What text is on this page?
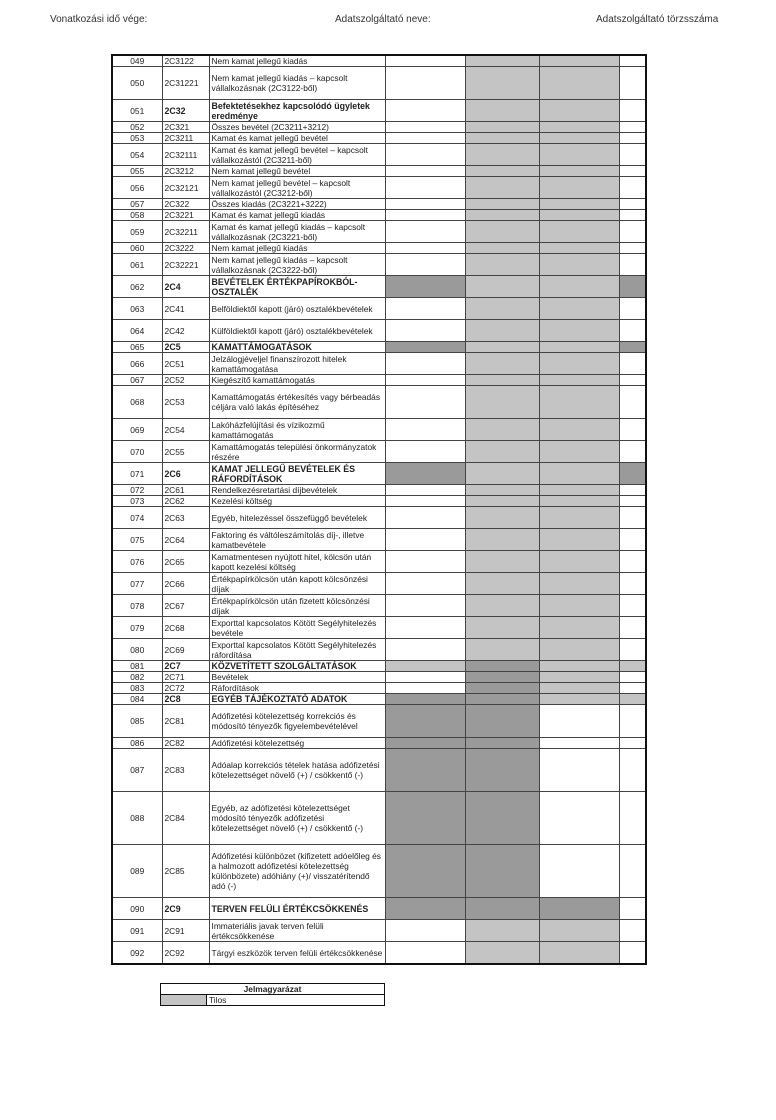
Vonatkozási idő vége:	Adatszolgáltató neve:	Adatszolgáltató törzsszáma
049	2C3122	Nem kamat jellegű kiadás				
050	2C31221	Nem kamat jellegű kiadás – kapcsolt vállalkozásnak (2C3122-ből)				
051	2C32	Befektetésekhez kapcsolódó ügyletek eredménye				
052	2C321	Összes bevétel (2C3211+3212)				
053	2C3211	Kamat és kamat jellegű bevétel				
054	2C32111	Kamat és kamat jellegű bevétel – kapcsolt vállalkozástól (2C3211-ből)				
055	2C3212	Nem kamat jellegű bevétel				
056	2C32121	Nem kamat jellegű bevétel – kapcsolt vállalkozástól (2C3212-ből)				
057	2C322	Összes kiadás (2C3221+3222)				
058	2C3221	Kamat és kamat jellegű kiadás				
059	2C32211	Kamat és kamat jellegű kiadás – kapcsolt vállalkozásnak (2C3221-ből)				
060	2C3222	Nem kamat jellegű kiadás				
061	2C32221	Nem kamat jellegű kiadás – kapcsolt vállalkozásnak (2C3222-ből)				
062	2C4	BEVÉTELEK ÉRTÉKPAPÍROKBÓL-OSZTALÉK				
063	2C41	Belföldiektől kapott (járó) osztalékbevételek				
064	2C42	Külföldiektől kapott (járó) osztalékbevételek				
065	2C5	KAMATTÁMOGATÁSOK				
066	2C51	Jelzálogjéveljel finanszírozott hitelek kamattámogatása				
067	2C52	Kiegészítő kamattámogatás				
068	2C53	Kamattámogatás értékesítés vagy bérbeadás céljára való lakás építéséhez				
069	2C54	Lakóházfelújítási és vízikozmű kamattámogatás				
070	2C55	Kamattámogatás települési önkormányzatok részére				
071	2C6	KAMAT JELLEGŰ BEVÉTELEK ÉS RÁFORDÍTÁSOK				
072	2C61	Rendelkezésretartási díjbevételek				
073	2C62	Kezelési költség				
074	2C63	Egyéb, hitelezéssel összefüggő bevételek				
075	2C64	Faktoring és váltóleszámítolás díj-, illetve kamatbevétele				
076	2C65	Kamatmentesen nyújtott hitel, kölcsön után kapott kezelési költség				
077	2C66	Értékpapírkölcsön után kapott kölcsönzési díjak				
078	2C67	Értékpapírkölcsön után fizetett kölcsönzési díjak				
079	2C68	Exporttal kapcsolatos Kötött Segélyhitelezés bevétele				
080	2C69	Exporttal kapcsolatos Kötött Segélyhitelezés ráfordítása				
081	2C7	KÖZVETÍTETT SZOLGÁLTATÁSOK				
082	2C71	Bevételek				
083	2C72	Ráfordítások				
084	2C8	EGYÉB TÁJÉKOZTATÓ ADATOK				
085	2C81	Adófizetési kötelezettség korrekciós és módosító tényezők figyelembevételével				
086	2C82	Adófizetési kötelezettség				
087	2C83	Adóalap korrekciós tételek hatása adófizetési kötelezettséget növelő (+) / csökkentő (-)				
088	2C84	Egyéb, az adófizetési kötelezettséget módosító tényezők adófizetési kötelezettséget növelő (+) / csökkentő (-)				
089	2C85	Adófizetési különbözet (kifizetett adóelőleg és a halmozott adófizetési kötelezettség különbözete) adóhiány (+)/ visszatérítendő adó (-)				
090	2C9	TERVEN FELÜLI ÉRTÉKCSÖKKENÉS				
091	2C91	Immateriális javak terven felüli értékcsökkenése				
092	2C92	Tárgyi eszközök terven felüli értékcsökkenése				
Jelmagyarázat
	Tilos
